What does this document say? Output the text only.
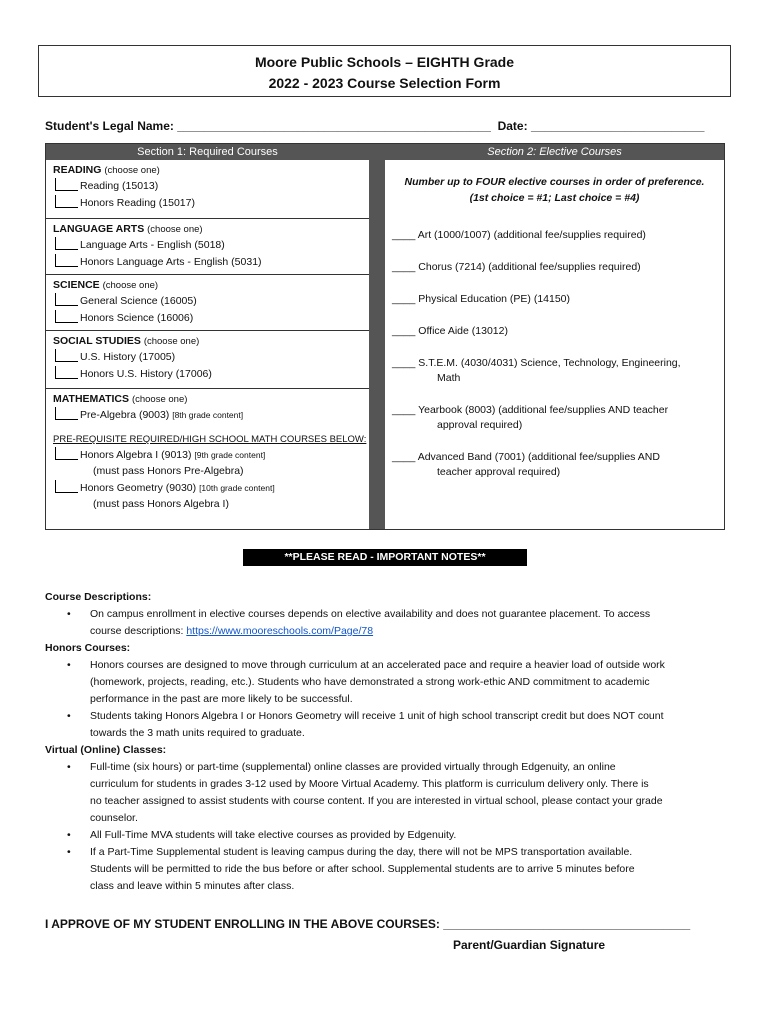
Moore Public Schools – EIGHTH Grade
2022 - 2023 Course Selection Form
Student's Legal Name: _______________________________________________ Date: __________________________
Section 1: Required Courses	Section 2: Elective Courses
READING (choose one)
Reading (15013)
Honors Reading (15017)
LANGUAGE ARTS (choose one)
Language Arts - English (5018)
Honors Language Arts - English (5031)
SCIENCE (choose one)
General Science (16005)
Honors Science (16006)
SOCIAL STUDIES (choose one)
U.S. History (17005)
Honors U.S. History (17006)
MATHEMATICS (choose one)
Pre-Algebra (9003) [8th grade content]
PRE-REQUISITE REQUIRED/HIGH SCHOOL MATH COURSES BELOW:
Honors Algebra I (9013) [9th grade content]
(must pass Honors Pre-Algebra)
Honors Geometry (9030) [10th grade content]
(must pass Honors Algebra I)
Number up to FOUR elective courses in order of preference.
(1st choice = #1; Last choice = #4)
____ Art (1000/1007) (additional fee/supplies required)
____ Chorus (7214) (additional fee/supplies required)
____ Physical Education (PE) (14150)
____ Office Aide (13012)
____ S.T.E.M. (4030/4031) Science, Technology, Engineering,
Math
____ Yearbook (8003) (additional fee/supplies AND teacher
approval required)
____ Advanced Band (7001) (additional fee/supplies AND
teacher approval required)
**PLEASE READ - IMPORTANT NOTES**
Course Descriptions:
• On campus enrollment in elective courses depends on elective availability and does not guarantee placement. To access
course descriptions: https://www.mooreschools.com/Page/78
Honors Courses:
• Honors courses are designed to move through curriculum at an accelerated pace and require a heavier load of outside work
(homework, projects, reading, etc.). Students who have demonstrated a strong work-ethic AND commitment to academic
performance in the past are more likely to be successful.
• Students taking Honors Algebra I or Honors Geometry will receive 1 unit of high school transcript credit but does NOT count
towards the 3 math units required to graduate.
Virtual (Online) Classes:
• Full-time (six hours) or part-time (supplemental) online classes are provided virtually through Edgenuity, an online
curriculum for students in grades 3-12 used by Moore Virtual Academy. This platform is curriculum delivery only. There is
no teacher assigned to assist students with course content. If you are interested in virtual school, please contact your grade
counselor.
• All Full-Time MVA students will take elective courses as provided by Edgenuity.
• If a Part-Time Supplemental student is leaving campus during the day, there will not be MPS transportation available.
Students will be permitted to ride the bus before or after school. Supplemental students are to arrive 5 minutes before
class and leave within 5 minutes after class.
I APPROVE OF MY STUDENT ENROLLING IN THE ABOVE COURSES: _____________________________________
Parent/Guardian Signature
